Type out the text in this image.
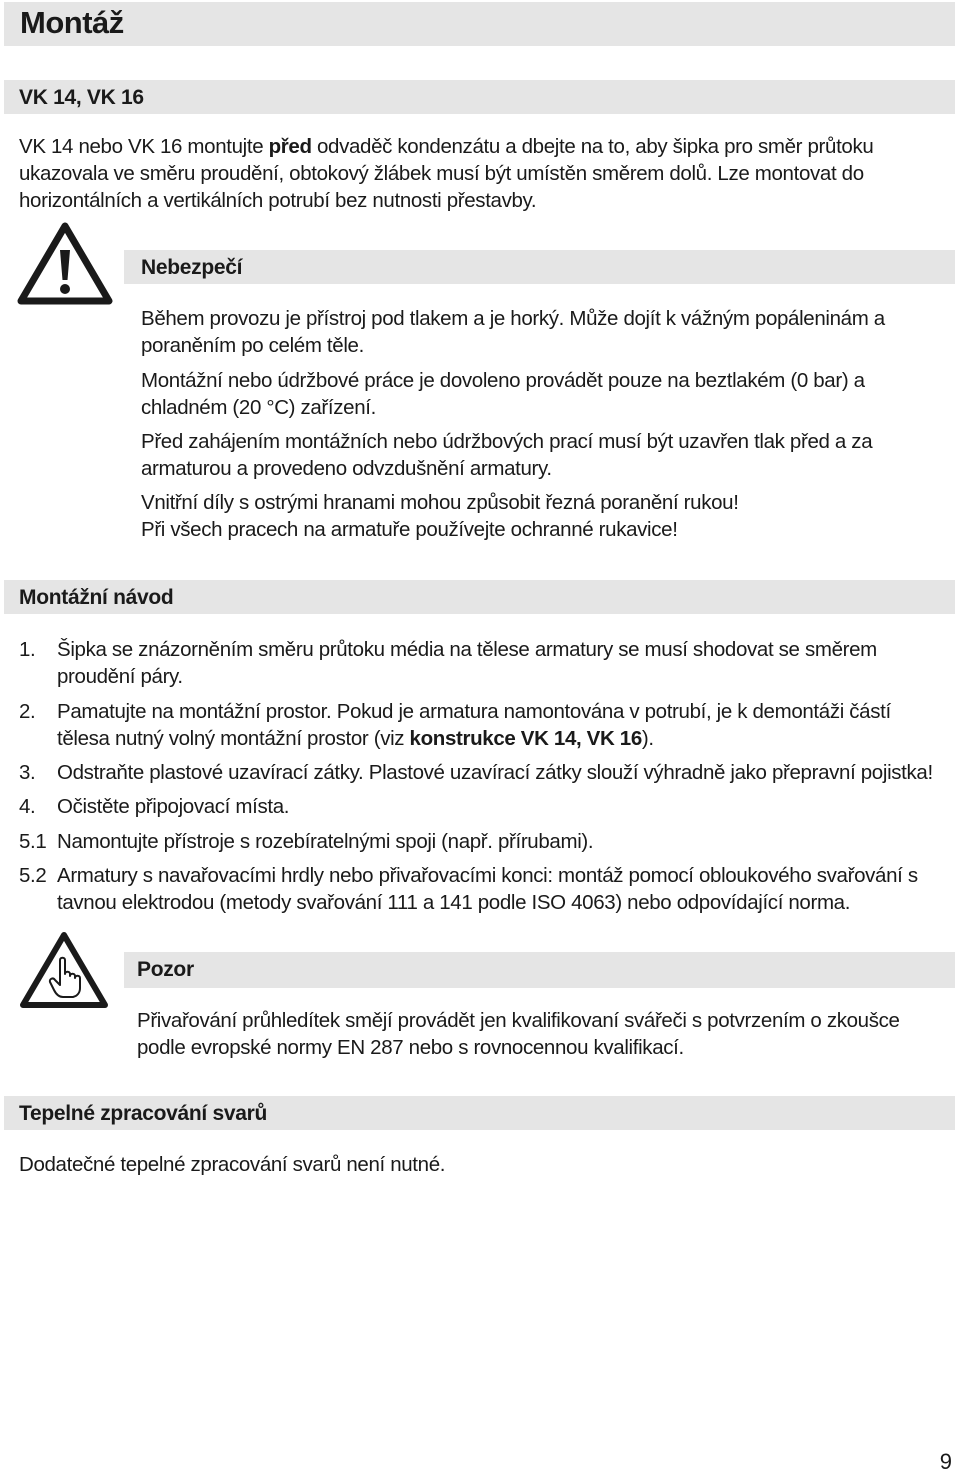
Montáž
VK 14, VK 16
VK 14 nebo VK 16 montujte před odvaděč kondenzátu a dbejte na to, aby šipka pro směr průtoku
ukazovala ve směru proudění, obtokový žlábek musí být umístěn směrem dolů. Lze montovat do
horizontálních a vertikálních potrubí bez nutnosti přestavby.
Nebezpečí
Během provozu je přístroj pod tlakem a je horký. Může dojít k vážným popáleninám a
poraněním po celém těle.
Montážní nebo údržbové práce je dovoleno provádět pouze na beztlakém (0 bar) a
chladném (20 °C) zařízení.
Před zahájením montážních nebo údržbových prací musí být uzavřen tlak před a za
armaturou a provedeno odvzdušnění armatury.
Vnitřní díly s ostrými hranami mohou způsobit řezná poranění rukou!
Při všech pracech na armatuře používejte ochranné rukavice!
Montážní návod
1. Šipka se znázorněním směru průtoku média na tělese armatury se musí shodovat se směrem
proudění páry.
2. Pamatujte na montážní prostor. Pokud je armatura namontována v potrubí, je k demontáži částí
tělesa nutný volný montážní prostor (viz konstrukce VK 14, VK 16).
3. Odstraňte plastové uzavírací zátky. Plastové uzavírací zátky slouží výhradně jako přepravní pojistka!
4. Očistěte připojovací místa.
5.1 Namontujte přístroje s rozebíratelnými spoji (např. přírubami).
5.2 Armatury s navařovacími hrdly nebo přivařovacími konci: montáž pomocí obloukového svařování s
tavnou elektrodou (metody svařování 111 a 141 podle ISO 4063) nebo odpovídající norma.
Pozor
Přivařování průhledítek smějí provádět jen kvalifikovaní svářeči s potvrzením o zkoušce
podle evropské normy EN 287 nebo s rovnocennou kvalifikací.
Tepelné zpracování svarů
Dodatečné tepelné zpracování svarů není nutné.
9
